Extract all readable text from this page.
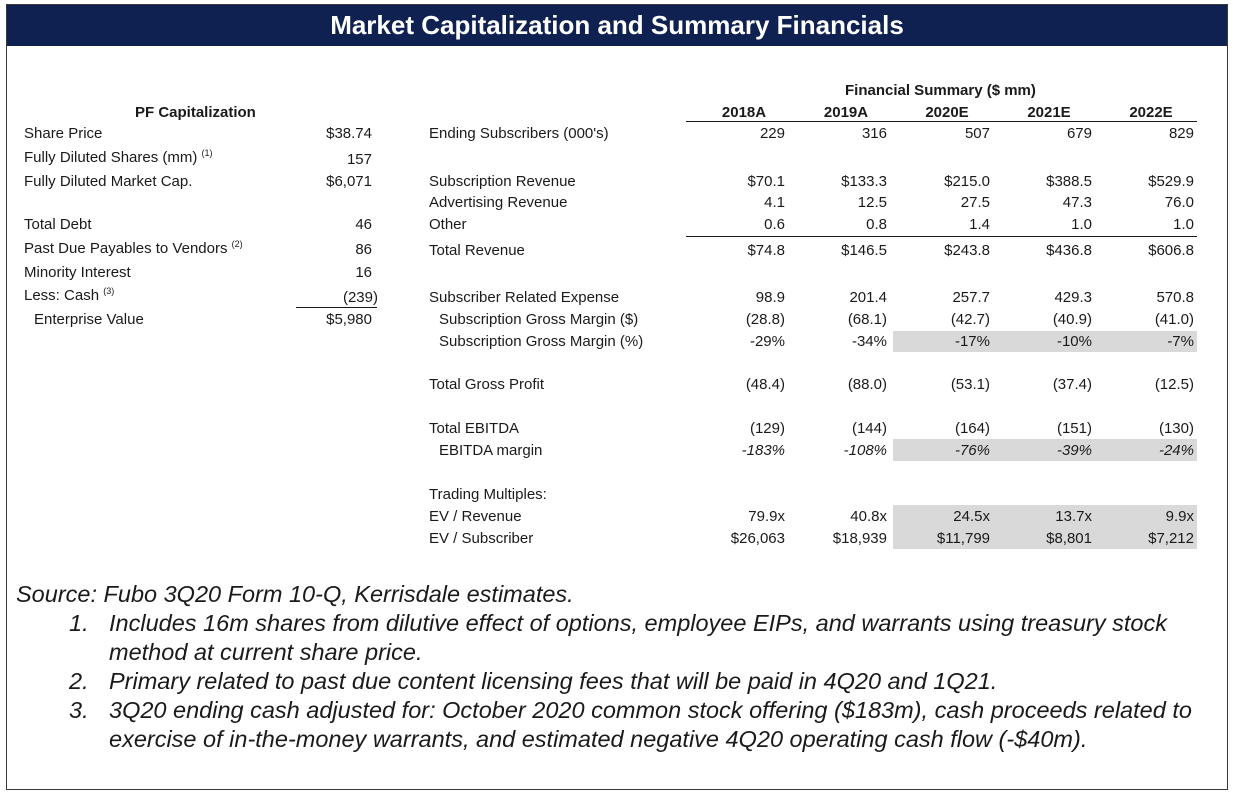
Market Capitalization and Summary Financials
PF Capitalization
Share Price	$38.74
Fully Diluted Shares (mm) $^{(1)}$	157
Fully Diluted Market Cap.	$6,071
Total Debt	46
Past Due Payables to Vendors $^{(2)}$	86
Minority Interest	16
Less: Cash $^{(3)}$	(239)
Enterprise Value	$5,980
Financial Summary ($ mm)
2018A	2019A	2020E	2021E	2022E
Ending Subscribers (000's)	229	316	507	679	829
Subscription Revenue	$70.1	$133.3	$215.0	$388.5	$529.9
Advertising Revenue	4.1	12.5	27.5	47.3	76.0
Other	0.6	0.8	1.4	1.0	1.0
Total Revenue	$74.8	$146.5	$243.8	$436.8	$606.8
Subscriber Related Expense	98.9	201.4	257.7	429.3	570.8
Subscription Gross Margin ($)	(28.8)	(68.1)	(42.7)	(40.9)	(41.0)
Subscription Gross Margin (%)	-29%	-34%	-17%	-10%	-7%
Total Gross Profit	(48.4)	(88.0)	(53.1)	(37.4)	(12.5)
Total EBITDA	(129)	(144)	(164)	(151)	(130)
EBITDA margin	-183%	-108%	-76%	-39%	-24%
Trading Multiples:
EV / Revenue	79.9x	40.8x	24.5x	13.7x	9.9x
EV / Subscriber	$26,063	$18,939	$11,799	$8,801	$7,212
Source: Fubo 3Q20 Form 10-Q, Kerrisdale estimates.
1. Includes 16m shares from dilutive effect of options, employee EIPs, and warrants using treasury stock method at current share price.
2. Primary related to past due content licensing fees that will be paid in 4Q20 and 1Q21.
3. 3Q20 ending cash adjusted for: October 2020 common stock offering ($183m), cash proceeds related to exercise of in-the-money warrants, and estimated negative 4Q20 operating cash flow (-$40m).
